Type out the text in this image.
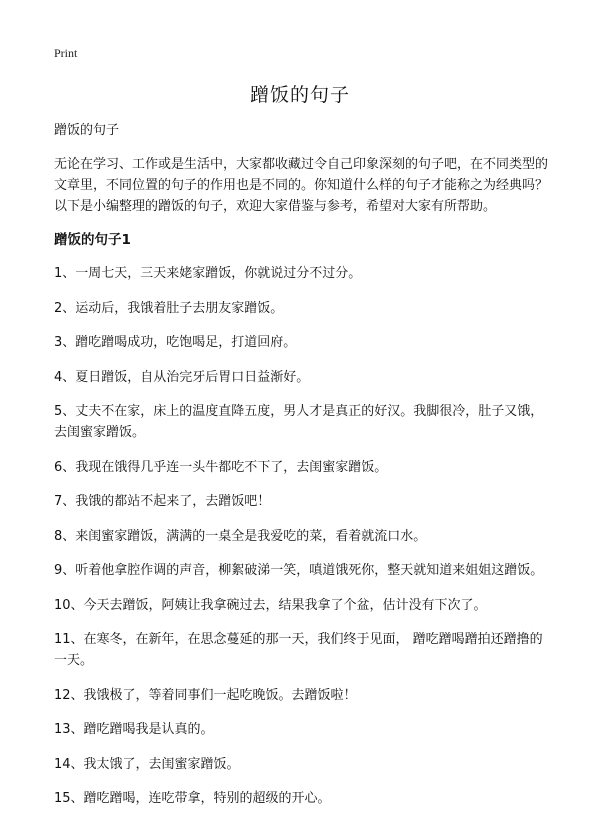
Print
蹭饭的句子

蹭饭的句子

无论在学习、工作或是生活中，大家都收藏过令自己印象深刻的句子吧，在不同类型的文章里，不同位置的句子的作用也是不同的。你知道什么样的句子才能称之为经典吗？以下是小编整理的蹭饭的句子，欢迎大家借鉴与参考，希望对大家有所帮助。

蹭饭的句子1

1、一周七天，三天来姥家蹭饭，你就说过分不过分。
2、运动后，我饿着肚子去朋友家蹭饭。
3、蹭吃蹭喝成功，吃饱喝足，打道回府。
4、夏日蹭饭，自从治完牙后胃口日益渐好。
5、丈夫不在家，床上的温度直降五度，男人才是真正的好汉。我脚很冷，肚子又饿，去闺蜜家蹭饭。
6、我现在饿得几乎连一头牛都吃不下了，去闺蜜家蹭饭。
7、我饿的都站不起来了，去蹭饭吧！
8、来闺蜜家蹭饭，满满的一桌全是我爱吃的菜，看着就流口水。
9、听着他拿腔作调的声音，柳絮破涕一笑，嗔道饿死你，整天就知道来姐姐这蹭饭。
10、今天去蹭饭，阿姨让我拿碗过去，结果我拿了个盆，估计没有下次了。
11、在寒冬，在新年，在思念蔓延的那一天，我们终于见面， 蹭吃蹭喝蹭拍还蹭撸的一天。
12、我饿极了，等着同事们一起吃晚饭。去蹭饭啦！
13、蹭吃蹭喝我是认真的。
14、我太饿了，去闺蜜家蹭饭。
15、蹭吃蹭喝，连吃带拿，特别的超级的开心。
